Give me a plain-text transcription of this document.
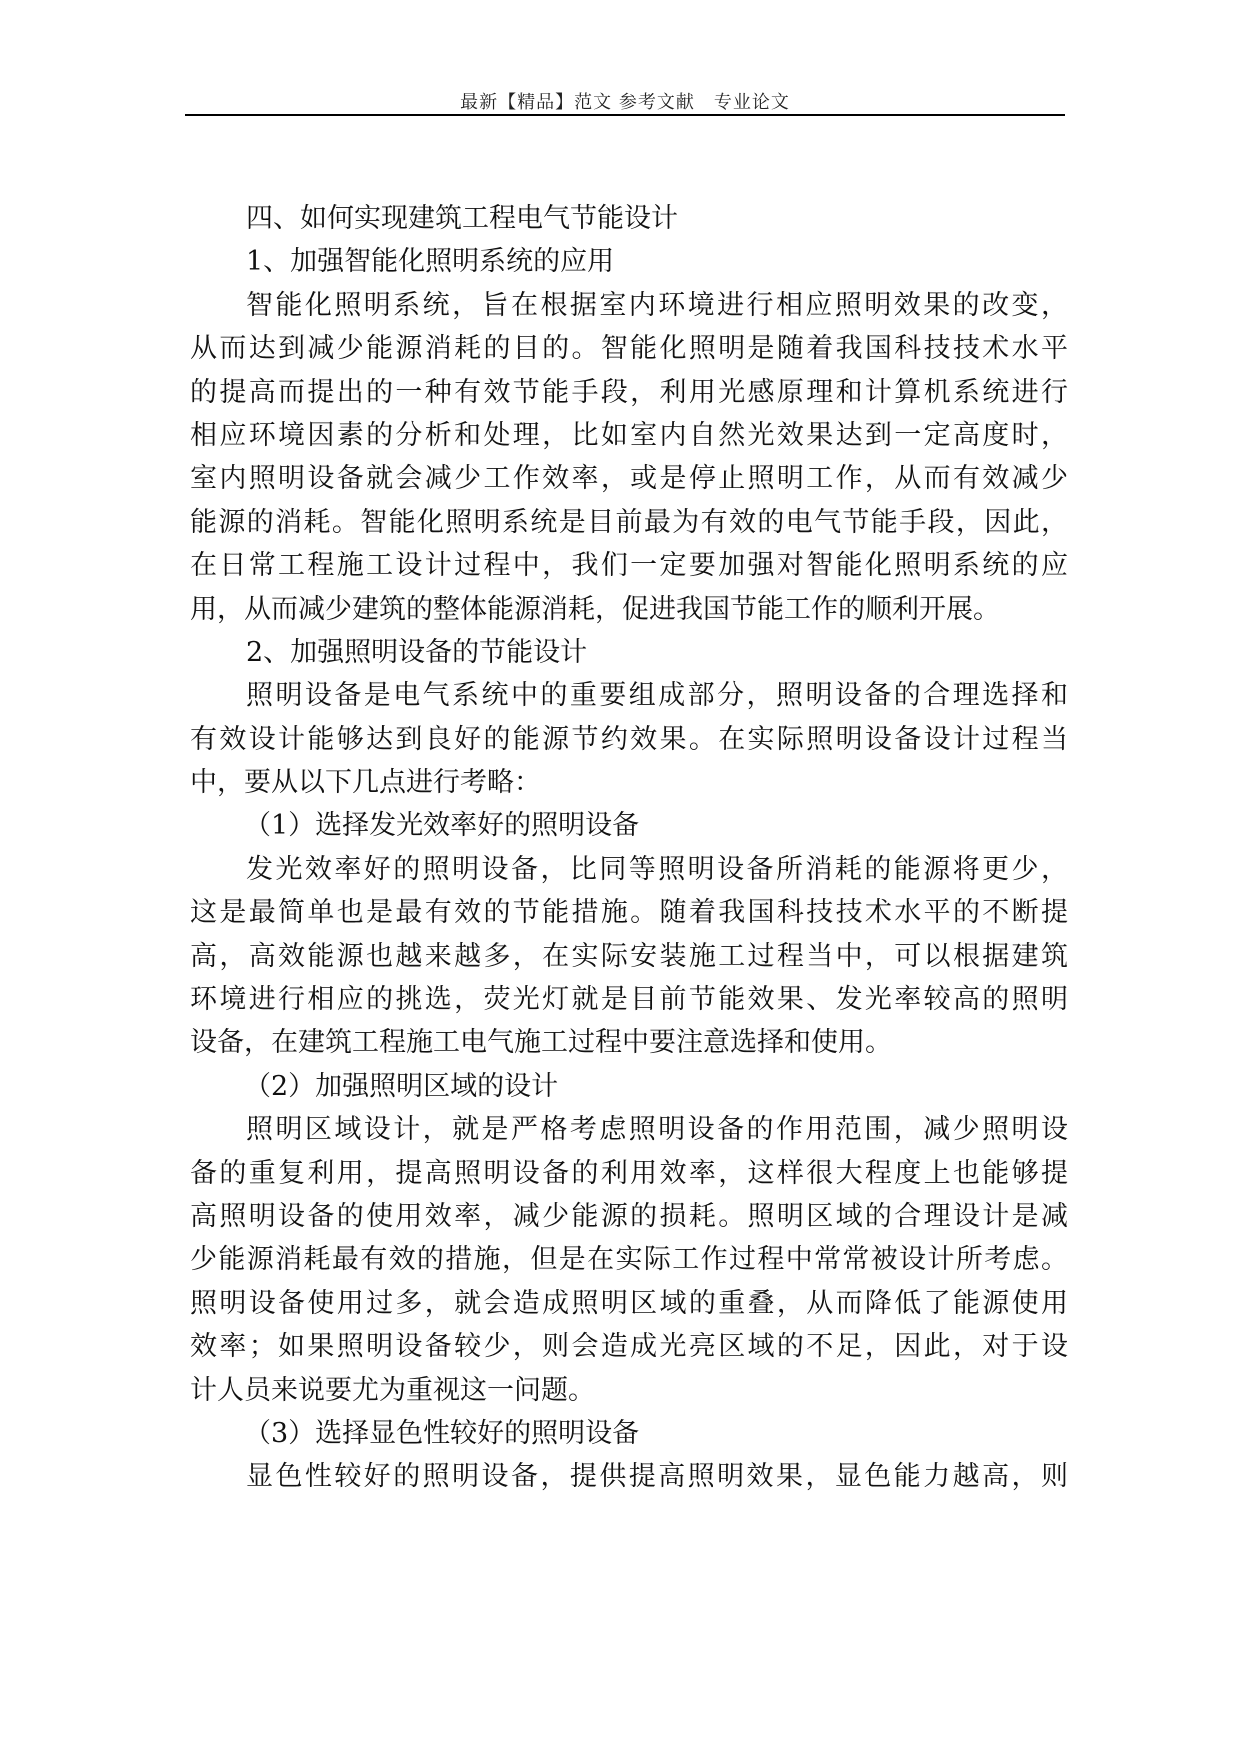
最新【精品】范文 参考文献　专业论文
四、如何实现建筑工程电气节能设计
1、加强智能化照明系统的应用
智能化照明系统，旨在根据室内环境进行相应照明效果的改变，
从而达到减少能源消耗的目的。智能化照明是随着我国科技技术水平
的提高而提出的一种有效节能手段，利用光感原理和计算机系统进行
相应环境因素的分析和处理，比如室内自然光效果达到一定高度时，
室内照明设备就会减少工作效率，或是停止照明工作，从而有效减少
能源的消耗。智能化照明系统是目前最为有效的电气节能手段，因此，
在日常工程施工设计过程中，我们一定要加强对智能化照明系统的应
用，从而减少建筑的整体能源消耗，促进我国节能工作的顺利开展。
2、加强照明设备的节能设计
照明设备是电气系统中的重要组成部分，照明设备的合理选择和
有效设计能够达到良好的能源节约效果。在实际照明设备设计过程当
中，要从以下几点进行考略：
（1）选择发光效率好的照明设备
发光效率好的照明设备，比同等照明设备所消耗的能源将更少，
这是最简单也是最有效的节能措施。随着我国科技技术水平的不断提
高，高效能源也越来越多，在实际安装施工过程当中，可以根据建筑
环境进行相应的挑选，荧光灯就是目前节能效果、发光率较高的照明
设备，在建筑工程施工电气施工过程中要注意选择和使用。
（2）加强照明区域的设计
照明区域设计，就是严格考虑照明设备的作用范围，减少照明设
备的重复利用，提高照明设备的利用效率，这样很大程度上也能够提
高照明设备的使用效率，减少能源的损耗。照明区域的合理设计是减
少能源消耗最有效的措施，但是在实际工作过程中常常被设计所考虑。
照明设备使用过多，就会造成照明区域的重叠，从而降低了能源使用
效率；如果照明设备较少，则会造成光亮区域的不足，因此，对于设
计人员来说要尤为重视这一问题。
（3）选择显色性较好的照明设备
显色性较好的照明设备，提供提高照明效果，显色能力越高，则
